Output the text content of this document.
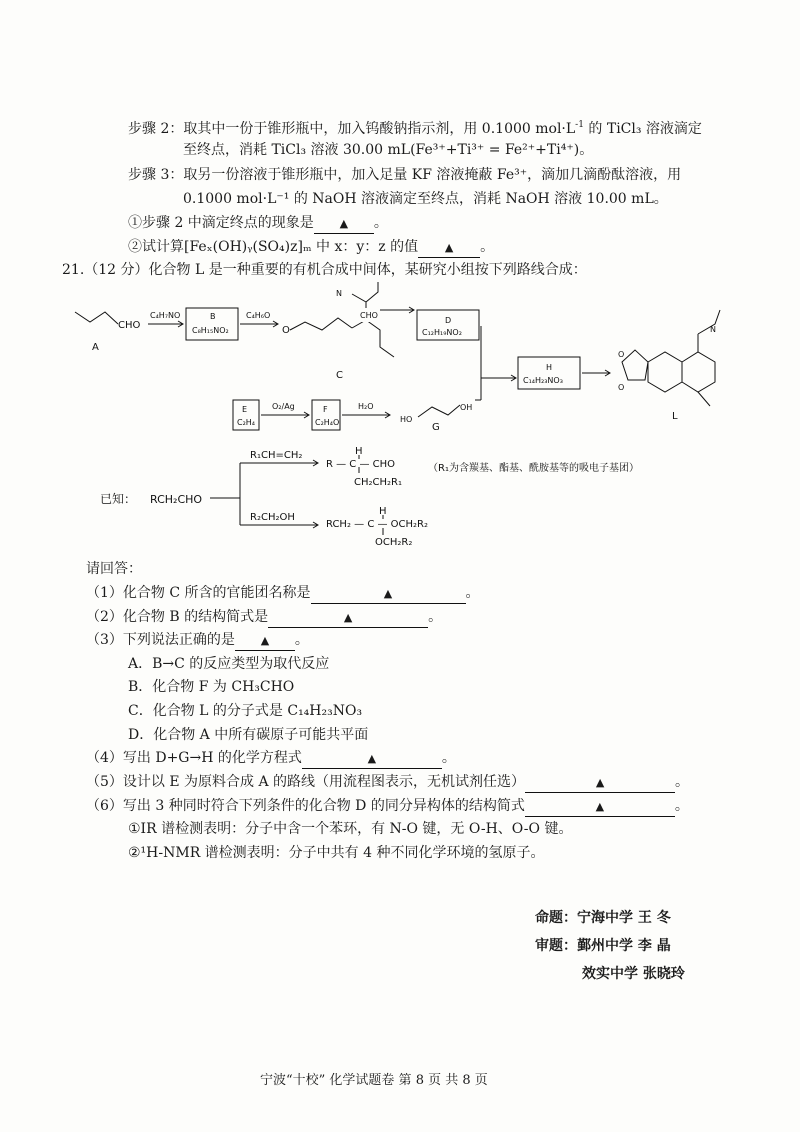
步骤 2：取其中一份于锥形瓶中，加入钨酸钠指示剂，用 0.1000 $mol\cdot L^{-1}$ 的 TiCl₃ 溶液滴定
至终点，消耗 TiCl₃ 溶液 30.00 mL(Fe³⁺+Ti³⁺ = Fe²⁺+Ti⁴⁺)。
步骤 3：取另一份溶液于锥形瓶中，加入足量 KF 溶液掩蔽 Fe³⁺，滴加几滴酚酞溶液，用
0.1000 mol·L⁻¹ 的 NaOH 溶液滴定至终点，消耗 NaOH 溶液 10.00 mL。
①步骤 2 中滴定终点的现象是 ▲ 。
②试计算[Feₓ(OH)ᵧ(SO₄)z]ₘ 中 x：y：z 的值 ▲ 。
21.（12 分）化合物 L 是一种重要的有机合成中间体，某研究小组按下列路线合成：
A
CHO
C₄H₇NO	B
C₈H₁₅NO₂
C₄H₆O
O
CHO
N
C
D
C₁₂H₁₉NO₂
H
C₁₄H₂₃NO₃
O
O
N
L
E
C₂H₄
O₂/Ag	F
C₂H₄O
H₂O
HO
OH
G
已知： RCH₂CHO
R₁CH=CH₂	H
R — C — CHO
CH₂CH₂R₁
（R₁为含羰基、酯基、酰胺基等的吸电子基团）
R₂CH₂OH
H
RCH₂ — C — OCH₂R₂
OCH₂R₂
请回答：
（1）化合物 C 所含的官能团名称是	▲	。
（2）化合物 B 的结构简式是	▲	。
（3）下列说法正确的是 ▲ 。
A．B→C 的反应类型为取代反应
B．化合物 F 为 CH₃CHO
C．化合物 L 的分子式是 C₁₄H₂₃NO₃
D．化合物 A 中所有碳原子可能共平面
（4）写出 D+G→H 的化学方程式	▲	。
（5）设计以 E 为原料合成 A 的路线（用流程图表示，无机试剂任选）	▲	。
（6）写出 3 种同时符合下列条件的化合物 D 的同分异构体的结构简式	▲	。
①IR 谱检测表明：分子中含一个苯环，有 N-O 键，无 O-H、O-O 键。
②¹H-NMR 谱检测表明：分子中共有 4 种不同化学环境的氢原子。
命题：宁海中学 王 冬
审题：鄞州中学 李 晶
效实中学 张晓玲
宁波“十校” 化学试题卷 第 8 页 共 8 页
